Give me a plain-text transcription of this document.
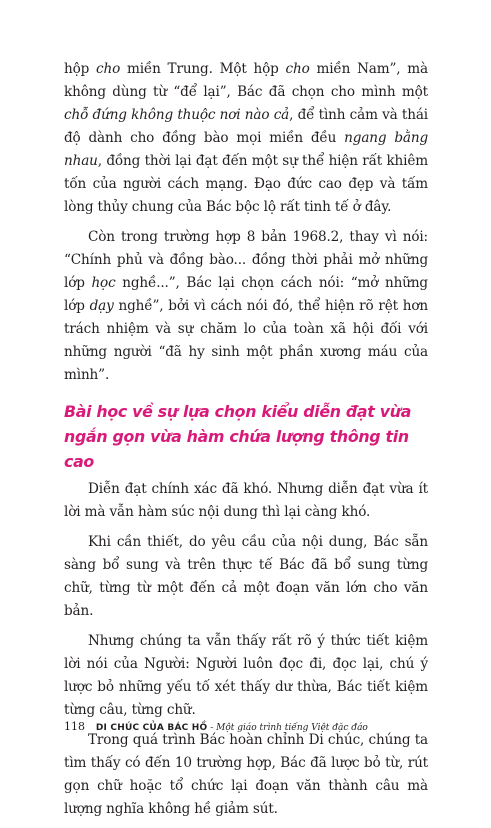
hộp cho miền Trung. Một hộp cho miền Nam”, mà không dùng từ “để lại”, Bác đã chọn cho mình một chỗ đứng không thuộc nơi nào cả, để tình cảm và thái độ dành cho đồng bào mọi miền đều ngang bằng nhau, đồng thời lại đạt đến một sự thể hiện rất khiêm tốn của người cách mạng. Đạo đức cao đẹp và tấm lòng thủy chung của Bác bộc lộ rất tinh tế ở đây.

Còn trong trường hợp 8 bản 1968.2, thay vì nói: “Chính phủ và đồng bào... đồng thời phải mở những lớp học nghề...”, Bác lại chọn cách nói: “mở những lớp dạy nghề”, bởi vì cách nói đó, thể hiện rõ rệt hơn trách nhiệm và sự chăm lo của toàn xã hội đối với những người “đã hy sinh một phần xương máu của mình”.

Bài học về sự lựa chọn kiểu diễn đạt vừa ngắn gọn vừa hàm chứa lượng thông tin cao

Diễn đạt chính xác đã khó. Nhưng diễn đạt vừa ít lời mà vẫn hàm súc nội dung thì lại càng khó.

Khi cần thiết, do yêu cầu của nội dung, Bác sẵn sàng bổ sung và trên thực tế Bác đã bổ sung từng chữ, từng từ một đến cả một đoạn văn lớn cho văn bản.

Nhưng chúng ta vẫn thấy rất rõ ý thức tiết kiệm lời nói của Người: Người luôn đọc đi, đọc lại, chú ý lược bỏ những yếu tố xét thấy dư thừa, Bác tiết kiệm từng câu, từng chữ.

Trong quá trình Bác hoàn chỉnh Di chúc, chúng ta tìm thấy có đến 10 trường hợp, Bác đã lược bỏ từ, rút gọn chữ hoặc tổ chức lại đoạn văn thành câu mà lượng nghĩa không hề giảm sút.

118 DI CHÚC CỦA BÁC HỒ - Một giáo trình tiếng Việt đặc đáo
